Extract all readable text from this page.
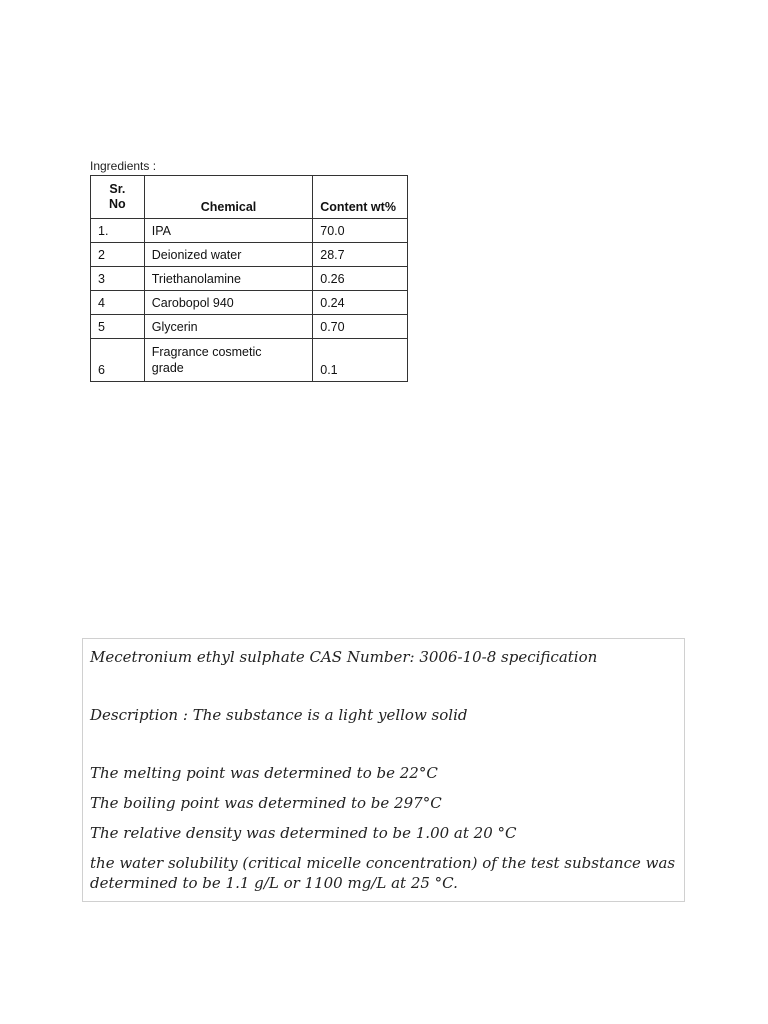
Ingredients :
Sr.
No	Chemical	Content wt%
1.	IPA	70.0
2	Deionized water	28.7
3	Triethanolamine	0.26
4	Carobopol 940	0.24
5	Glycerin	0.70
6	Fragrance cosmetic grade	0.1

Mecetronium ethyl sulphate CAS Number: 3006-10-8 specification

Description : The substance is a light yellow solid

The melting point was determined to be 22°C

The boiling point was determined to be 297°C

The relative density was determined to be 1.00 at 20 °C

the water solubility (critical micelle concentration) of the test substance was determined to be 1.1 g/L or 1100 mg/L at 25 °C.
